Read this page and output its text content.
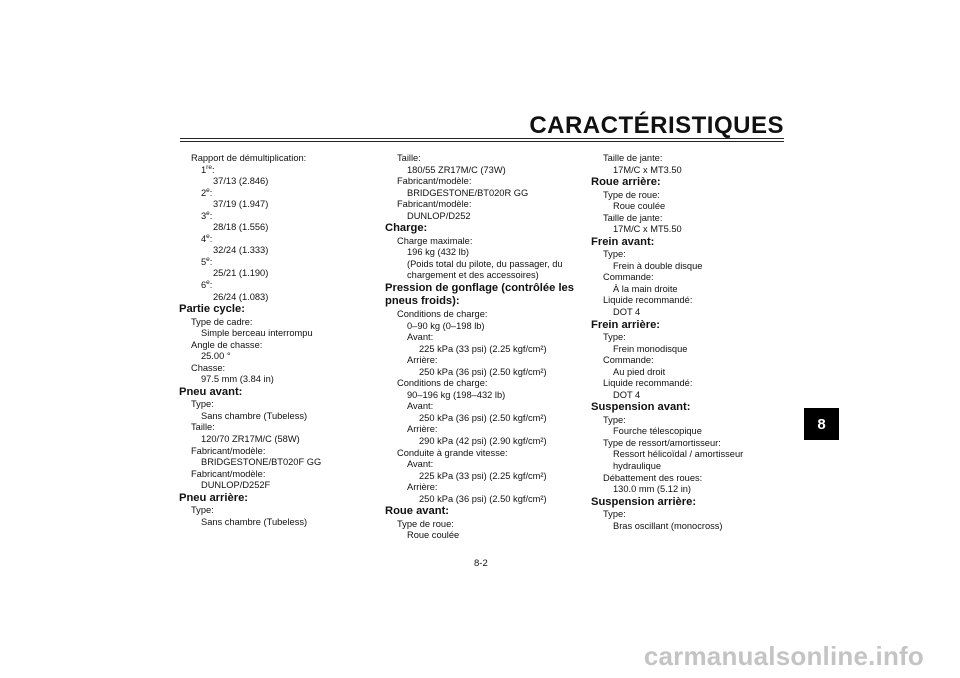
CARACTÉRISTIQUES
8
Rapport de démultiplication:
1re:
37/13 (2.846)
2e:
37/19 (1.947)
3e:
28/18 (1.556)
4e:
32/24 (1.333)
5e:
25/21 (1.190)
6e:
26/24 (1.083)
Partie cycle:
Type de cadre:
Simple berceau interrompu
Angle de chasse:
25.00 °
Chasse:
97.5 mm (3.84 in)
Pneu avant:
Type:
Sans chambre (Tubeless)
Taille:
120/70 ZR17M/C (58W)
Fabricant/modèle:
BRIDGESTONE/BT020F GG
Fabricant/modèle:
DUNLOP/D252F
Pneu arrière:
Type:
Sans chambre (Tubeless)
Taille:
180/55 ZR17M/C (73W)
Fabricant/modèle:
BRIDGESTONE/BT020R GG
Fabricant/modèle:
DUNLOP/D252
Charge:
Charge maximale:
196 kg (432 lb)
(Poids total du pilote, du passager, du
chargement et des accessoires)
Pression de gonflage (contrôlée les
pneus froids):
Conditions de charge:
0–90 kg (0–198 lb)
Avant:
225 kPa (33 psi) (2.25 kgf/cm²)
Arrière:
250 kPa (36 psi) (2.50 kgf/cm²)
Conditions de charge:
90–196 kg (198–432 lb)
Avant:
250 kPa (36 psi) (2.50 kgf/cm²)
Arrière:
290 kPa (42 psi) (2.90 kgf/cm²)
Conduite à grande vitesse:
Avant:
225 kPa (33 psi) (2.25 kgf/cm²)
Arrière:
250 kPa (36 psi) (2.50 kgf/cm²)
Roue avant:
Type de roue:
Roue coulée
Taille de jante:
17M/C x MT3.50
Roue arrière:
Type de roue:
Roue coulée
Taille de jante:
17M/C x MT5.50
Frein avant:
Type:
Frein à double disque
Commande:
À la main droite
Liquide recommandé:
DOT 4
Frein arrière:
Type:
Frein monodisque
Commande:
Au pied droit
Liquide recommandé:
DOT 4
Suspension avant:
Type:
Fourche télescopique
Type de ressort/amortisseur:
Ressort hélicoïdal / amortisseur
hydraulique
Débattement des roues:
130.0 mm (5.12 in)
Suspension arrière:
Type:
Bras oscillant (monocross)
8-2
carmanualsonline.info
